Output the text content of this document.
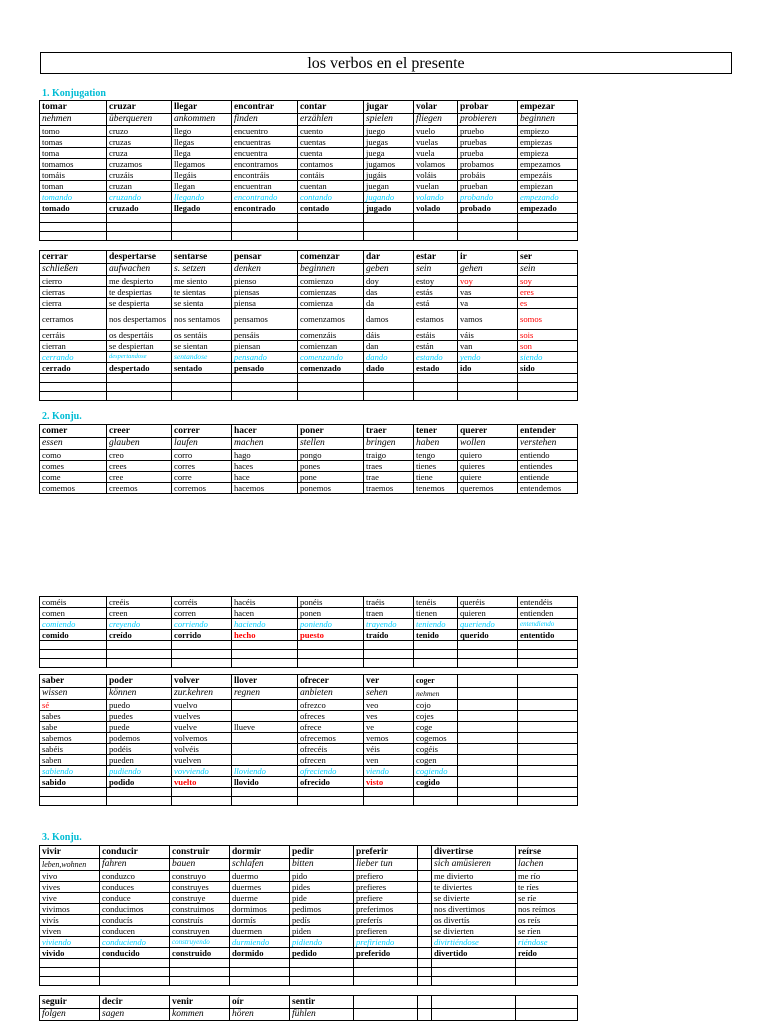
los verbos en el presente
1. Konjugation
tomar	cruzar	llegar	encontrar	contar	jugar	volar	probar	empezar
nehmen	überqueren	ankommen	finden	erzählen	spielen	fliegen	probieren	beginnen
tomo	cruzo	llego	encuentro	cuento	juego	vuelo	pruebo	empiezo
tomas	cruzas	llegas	encuentras	cuentas	juegas	vuelas	pruebas	empiezas
toma	cruza	llega	encuentra	cuenta	juega	vuela	prueba	empieza
tomamos	cruzamos	llegamos	encontramos	contamos	jugamos	volamos	probamos	empezamos
tomáis	cruzáis	llegáis	encontráis	contáis	jugáis	voláis	probáis	empezáis
toman	cruzan	llegan	encuentran	cuentan	juegan	vuelan	prueban	empiezan
tomando	cruzando	llegando	encontrando	contando	jugando	volando	probando	empezando
tomado	cruzado	llegado	encontrado	contado	jugado	volado	probado	empezado

cerrar	despertarse	sentarse	pensar	comenzar	dar	estar	ir	ser
schließen	aufwachen	s. setzen	denken	beginnen	geben	sein	gehen	sein
cierro	me despierto	me siento	pienso	comienzo	doy	estoy	voy	soy
cierras	te despiertas	te sientas	piensas	comienzas	das	estás	vas	eres
cierra	se despierta	se sienta	piensa	comienza	da	está	va	es
cerramos	nos despertamos	nos sentamos	pensamos	comenzamos	damos	estamos	vamos	somos
cerráis	os despertáis	os sentáis	pensáis	comenzáis	dáis	estáis	váis	sois
cierran	se despiertan	se sientan	piensan	comienzan	dan	están	van	son
cerrando	despertandose	sentandose	pensando	comenzando	dando	estando	yendo	siendo
cerrado	despertado	sentado	pensado	comenzado	dado	estado	ido	sido

2. Konju.
comer	creer	correr	hacer	poner	traer	tener	querer	entender
essen	glauben	laufen	machen	stellen	bringen	haben	wollen	verstehen
como	creo	corro	hago	pongo	traigo	tengo	quiero	entiendo
comes	crees	corres	haces	pones	traes	tienes	quieres	entiendes
come	cree	corre	hace	pone	trae	tiene	quiere	entiende
comemos	creemos	corremos	hacemos	ponemos	traemos	tenemos	queremos	entendemos
coméis	creéis	corréis	hacéis	ponéis	traéis	tenéis	queréis	entendéis
comen	creen	corren	hacen	ponen	traen	tienen	quieren	entienden
comiendo	creyendo	corriendo	haciendo	poniendo	trayendo	teniendo	queriendo	entendiendo
comido	creído	corrido	hecho	puesto	traído	tenido	querido	ententido

saber	poder	volver	llover	ofrecer	ver	coger		
wissen	können	zur.kehren	regnen	anbieten	sehen	nehmen		
sé	puedo	vuelvo		ofrezco	veo	cojo		
sabes	puedes	vuelves		ofreces	ves	cojes		
sabe	puede	vuelve	llueve	ofrece	ve	coge		
sabemos	podemos	volvemos		ofrecemos	vemos	cogemos		
sabéis	podéis	volvéis		ofrecéis	véis	cogéis		
saben	pueden	vuelven		ofrecen	ven	cogen		
sabiendo	pudiendo	vovviendo	lloviendo	ofreciendo	viendo	cogiendo		
sabido	podido	vuelto	llovido	ofrecido	visto	cogido		

3. Konju.
vivir	conducir	construir	dormir	pedir	preferir		divertirse	reírse
leben,wohnen	fahren	bauen	schlafen	bitten	lieber tun		sich amüsieren	lachen
vivo	conduzco	construyo	duermo	pido	prefiero		me divierto	me río
vives	conduces	construyes	duermes	pides	prefieres		te diviertes	te ríes
vive	conduce	construye	duerme	pide	prefiere		se divierte	se ríe
vivimos	conducimos	construimos	dormimos	pedimos	preferimos		nos divertimos	nos reímos
vivís	conducís	construís	dormís	pedís	preferís		os divertís	os reís
viven	conducen	construyen	duermen	piden	prefieren		se divierten	se ríen
viviendo	conduciendo	construyendo	durmiendo	pidiendo	prefiriendo		divirtiéndose	riéndose
vivido	conducido	construido	dormido	pedido	preferido		divertido	reído

seguir	decir	venir	oír	sentir				
folgen	sagen	kommen	hören	fühlen				
